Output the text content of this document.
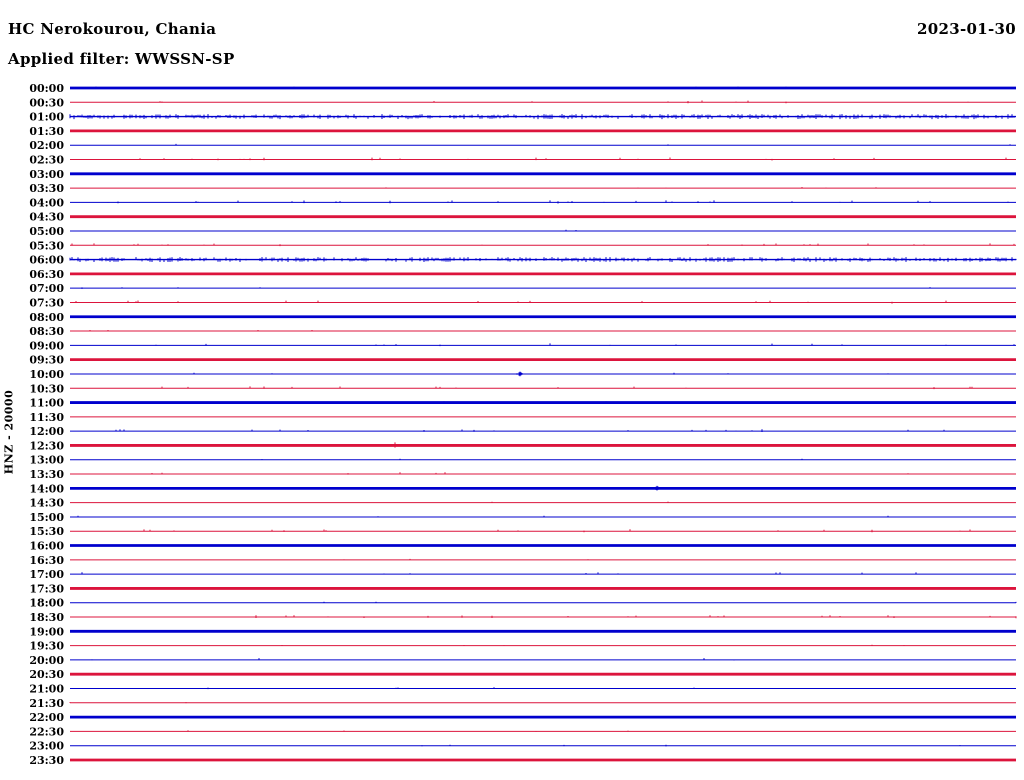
HC Nerokourou, Chania	2023-01-30
Applied filter: WWSSN-SP
HNZ - 20000
00:00
00:30
01:00
01:30
02:00
02:30
03:00
03:30
04:00
04:30
05:00
05:30
06:00
06:30
07:00
07:30
08:00
08:30
09:00
09:30
10:00
10:30
11:00
11:30
12:00
12:30
13:00
13:30
14:00
14:30
15:00
15:30
16:00
16:30
17:00
17:30
18:00
18:30
19:00
19:30
20:00
20:30
21:00
21:30
22:00
22:30
23:00
23:30
